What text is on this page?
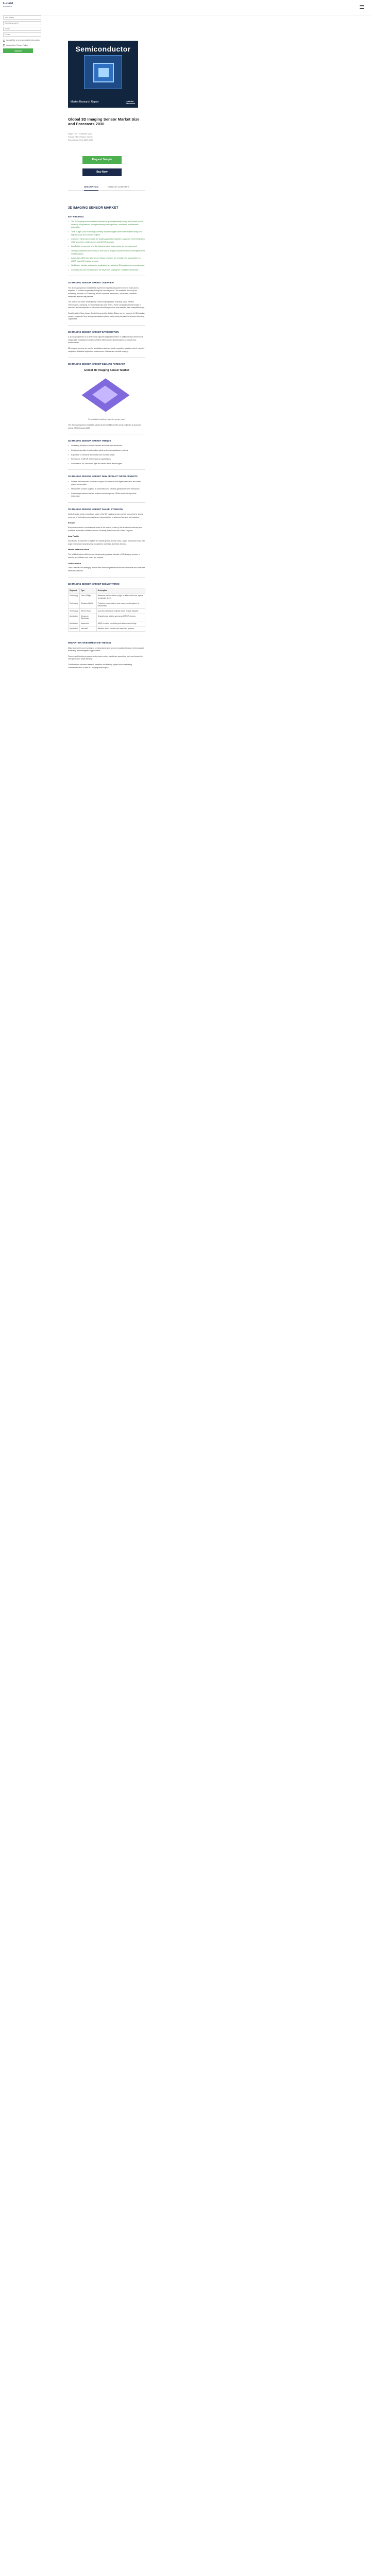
Lucintel
Research
Your name
Company name
Email
Phone
I would like to receive related information
I accept the Privacy Policy
Submit	Semiconductor
Market Research Report	Lucintel
Research
Global 3D Imaging Sensor Market Size and Forecasts 2030
Pages: 150 | Published: 2024
Format: PDF | Region: Global
Report Code: LUC-3DIS-2030
Request Sample
Buy Now
DESCRIPTION	TABLE OF CONTENTS
3D IMAGING SENSOR MARKET
KEY FINDINGS
• The 3D imaging sensor market is expected to grow significantly during the forecast period, driven by rising demand for depth sensing in smartphones, automotive and industrial automation.
• Time-of-flight (ToF) technology currently holds the largest share of the market owing to its high accuracy and compact footprint.
• Consumer electronics remains the leading application segment, supported by the integration of 3D sensing in mobile devices and AR/VR headsets.
• Asia Pacific is expected to be the fastest growing region during the forecast period.
• Leading companies are investing in new sensor designs and partnerships to strengthen their market position.
• Automotive ADAS and autonomous driving programs are creating new opportunities for LiDAR based 3D imaging sensors.
• Healthcare, robotics and security applications are adopting 3D imaging at an increasing rate.
• Cost reduction and miniaturization are key trends shaping the competitive landscape.
3D IMAGING SENSOR MARKET OVERVIEW

The 3D imaging sensor market has experienced significant growth in recent years and is expected to continue expanding during the forecast period. The market is driven by the increasing adoption of 3D sensing across consumer electronics, automotive, industrial, healthcare and security sectors.

The market has been dominated by several major players, including Sony, Infineon Technologies, Samsung, STMicroelectronics and others. These companies invest heavily in research and development to introduce innovative products and maintain their competitive edge.

Countries like China, Japan, South Korea and the United States are key markets for 3D imaging sensors, supported by a strong manufacturing base and growing demand for advanced sensing capabilities.

3D IMAGING SENSOR MARKET INTRODUCTION

A 3D imaging sensor is a device that captures depth information in addition to two-dimensional image data, enabling the creation of three-dimensional representations of objects and environments.

3D imaging sensors are used in applications such as facial recognition, gesture control, robotics navigation, industrial inspection, autonomous vehicles and medical imaging.

3D IMAGING SENSOR MARKET SIZE AND FORECAST
Global 3D Imaging Sensor Market
For a detailed breakdown, request a sample report.

The 3D imaging sensor market is valued at several billion USD and is projected to grow at a strong CAGR through 2030.

3D IMAGING SENSOR MARKET TRENDS
• Increasing adoption in mobile devices and consumer electronics.
• Growing integration in automotive safety and driver assistance systems.
• Expansion of industrial automation and machine vision.
• Emergence of AR/VR and metaverse applications.
• Advances in ToF, structured light and stereo vision technologies.
3D IMAGING SENSOR MARKET NEW PRODUCT DEVELOPMENTS
• Several manufacturers launched compact ToF sensors with higher resolution and lower power consumption.
• New LiDAR sensors targeted at automotive and robotics applications were introduced.
• Partnerships between sensor makers and smartphone OEMs accelerated product integration.
3D IMAGING SENSOR MARKET SHARE, BY REGION

North America holds a significant share of the 3D imaging sensor market, supported by strong presence of technology companies and early adoption of advanced sensing technologies.

Europe

Europe represents a considerable share of the market, driven by the automotive industry and industrial automation initiatives across Germany, France and the United Kingdom.

Asia Pacific

Asia Pacific is expected to register the fastest growth, led by China, Japan and South Korea with large electronics manufacturing ecosystems and rising domestic demand.

Middle East and Africa

The Middle East and Africa region is witnessing gradual adoption of 3D imaging sensors in security, surveillance and smart city projects.

Latin America

Latin America is an emerging market with increasing demand from the automotive and consumer electronics sectors.

3D IMAGING SENSOR MARKET SEGMENTATION
Segment	Type	Description
Technology	Time-of-Flight	Measures the time taken by light to reflect back from objects to calculate depth.
Technology	Structured Light	Projects a known pattern onto a scene and analyzes its deformation.
Technology	Stereo Vision	Uses two cameras to estimate depth through disparity.
Application	Consumer Electronics	Smartphones, tablets, gaming and AR/VR devices.
Application	Automotive	ADAS, in-cabin monitoring and autonomous driving.
Application	Industrial	Machine vision, robotics and inspection systems.
INNOVATION INVESTMENTS BY REGION

Major economies are investing in semiconductor and sensor innovation to secure technological leadership and strengthen supply chains.

Government funding programs and private venture capital are supporting start-ups focused on next generation depth sensing.

Collaborations between research institutes and industry players are accelerating commercialization of new 3D imaging technologies.
